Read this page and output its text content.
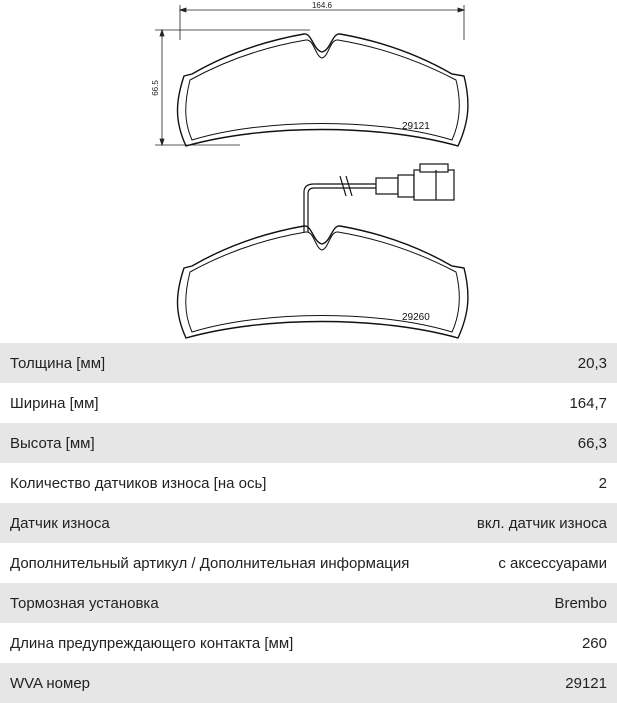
164.6
66.5
29121
29260
Толщина [мм]	20,3
Ширина [мм]	164,7
Высота [мм]	66,3
Количество датчиков износа [на ось]	2
Датчик износа	вкл. датчик износа
Дополнительный артикул / Дополнительная информация	с аксессуарами
Тормозная установка	Brembo
Длина предупреждающего контакта [мм]	260
WVA номер	29121
